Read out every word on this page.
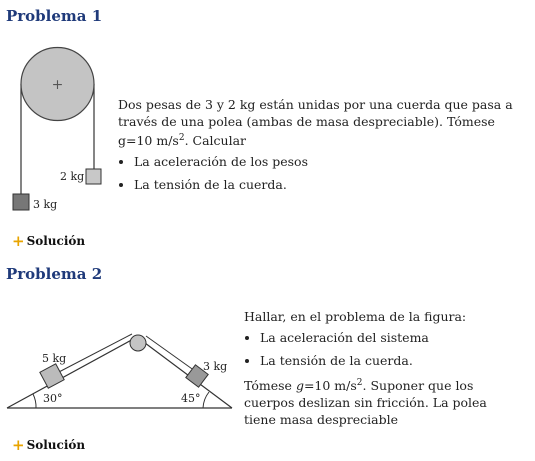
Problema 1
+
3 kg
2 kg

Dos pesas de 3 y 2 kg están unidas por una cuerda que pasa a través de una polea (ambas de masa despreciable). Tómese g=10 $m/s^2$. Calcular

• La aceleración de los pesos
• La tensión de la cuerda.
+ Solución
Problema 2
5 kg
3 kg
30°	45°

Hallar, en el problema de la figura:

• La aceleración del sistema
• La tensión de la cuerda.

Tómese g=10 $m/s^2$. Suponer que los cuerpos deslizan sin fricción. La polea tiene masa despreciable

+ Solución
